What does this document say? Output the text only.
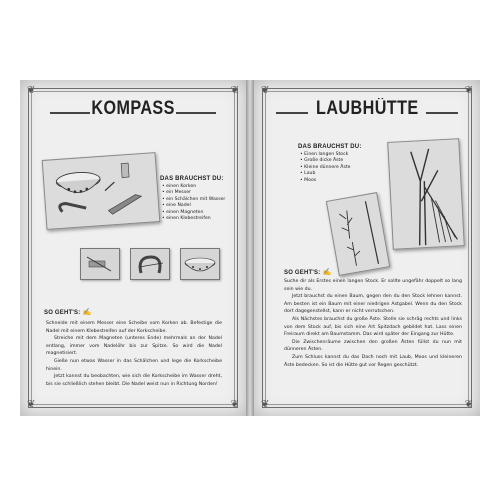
❦	❦
❦	❦
KOMPASS
DAS BRAUCHST DU:
• einen Korken
• ein Messer
• ein Schälchen mit Wasser
• eine Nadel
• einen Magneten
• einen Klebestreifen
SO GEHT'S: ✍

Schneide mit einem Messer eine Scheibe vom Korken ab. Befestige die Nadel mit einem Klebestreifen auf der Korkscheibe.

Streiche mit dem Magneten (unteres Ende) mehrmals an der Nadel entlang, immer vom Nadelöhr bis zur Spitze. So wird die Nadel magnetisiert.

Gieße nun etwas Wasser in das Schälchen und lege die Korkscheibe hinein.

Jetzt kannst du beobachten, wie sich die Korkscheibe im Wasser dreht, bis sie schließlich stehen bleibt. Die Nadel weist nun in Richtung Norden!

❦	❦
❦	❦
LAUBHÜTTE
DAS BRAUCHST DU:
• Einen langen Stock
• Große dicke Äste
• Kleine dünnere Äste
• Laub
• Moos
SO GEHT'S: ✍

Suche dir als Erstes einen langen Stock. Er sollte ungefähr doppelt so lang sein wie du.

Jetzt brauchst du einen Baum, gegen den du den Stock lehnen kannst. Am besten ist ein Baum mit einer niedrigen Astgabel. Wenn du den Stock dort dagegenstellst, kann er nicht verrutschen.

Als Nächstes brauchst du große Äste. Stelle sie schräg rechts und links von dem Stock auf, bis sich eine Art Spitzdach gebildet hat. Lass einen Freiraum direkt am Baumstamm. Das wird später der Eingang zur Hütte.

Die Zwischenräume zwischen den großen Ästen füllst du nun mit dünneren Ästen.

Zum Schluss kannst du das Dach noch mit Laub, Moos und kleineren Äste bedecken. So ist die Hütte gut vor Regen geschützt.
